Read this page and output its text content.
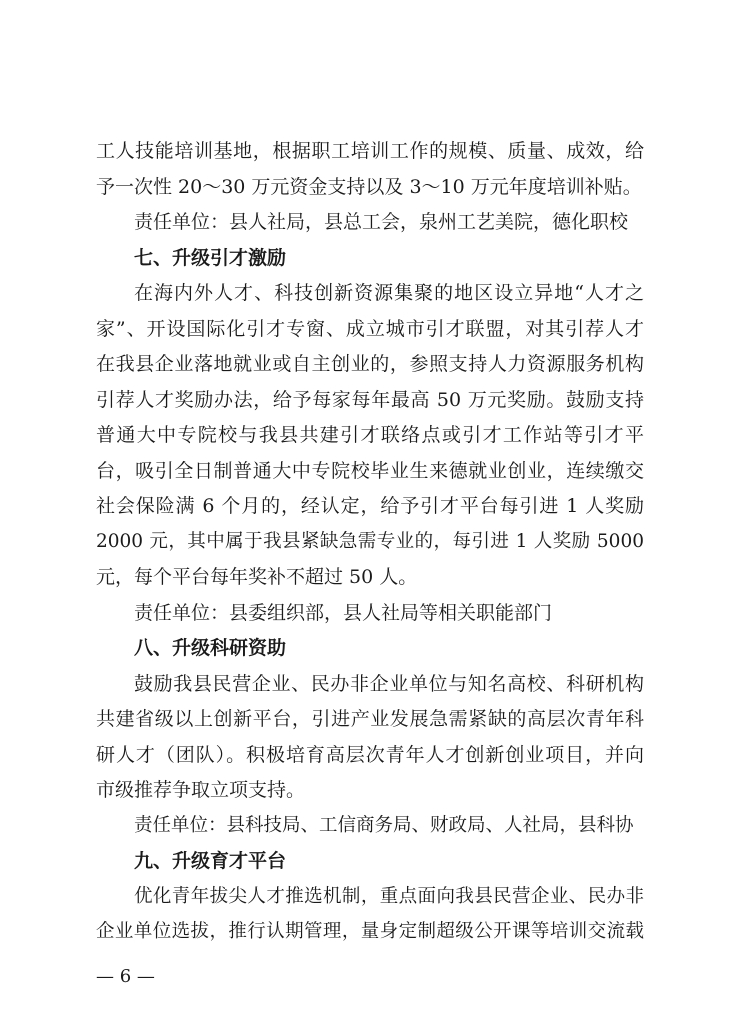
工人技能培训基地，根据职工培训工作的规模、质量、成效，给
予一次性 20～30 万元资金支持以及 3～10 万元年度培训补贴。
责任单位：县人社局，县总工会，泉州工艺美院，德化职校
七、升级引才激励
在海内外人才、科技创新资源集聚的地区设立异地“人才之
家”、开设国际化引才专窗、成立城市引才联盟，对其引荐人才
在我县企业落地就业或自主创业的，参照支持人力资源服务机构
引荐人才奖励办法，给予每家每年最高 50 万元奖励。鼓励支持
普通大中专院校与我县共建引才联络点或引才工作站等引才平
台，吸引全日制普通大中专院校毕业生来德就业创业，连续缴交
社会保险满 6 个月的，经认定，给予引才平台每引进 1 人奖励
2000 元，其中属于我县紧缺急需专业的，每引进 1 人奖励 5000
元，每个平台每年奖补不超过 50 人。
责任单位：县委组织部，县人社局等相关职能部门
八、升级科研资助
鼓励我县民营企业、民办非企业单位与知名高校、科研机构
共建省级以上创新平台，引进产业发展急需紧缺的高层次青年科
研人才（团队）。积极培育高层次青年人才创新创业项目，并向
市级推荐争取立项支持。
责任单位：县科技局、工信商务局、财政局、人社局，县科协
九、升级育才平台
优化青年拔尖人才推选机制，重点面向我县民营企业、民办非
企业单位选拔，推行认期管理，量身定制超级公开课等培训交流载
— 6 —
